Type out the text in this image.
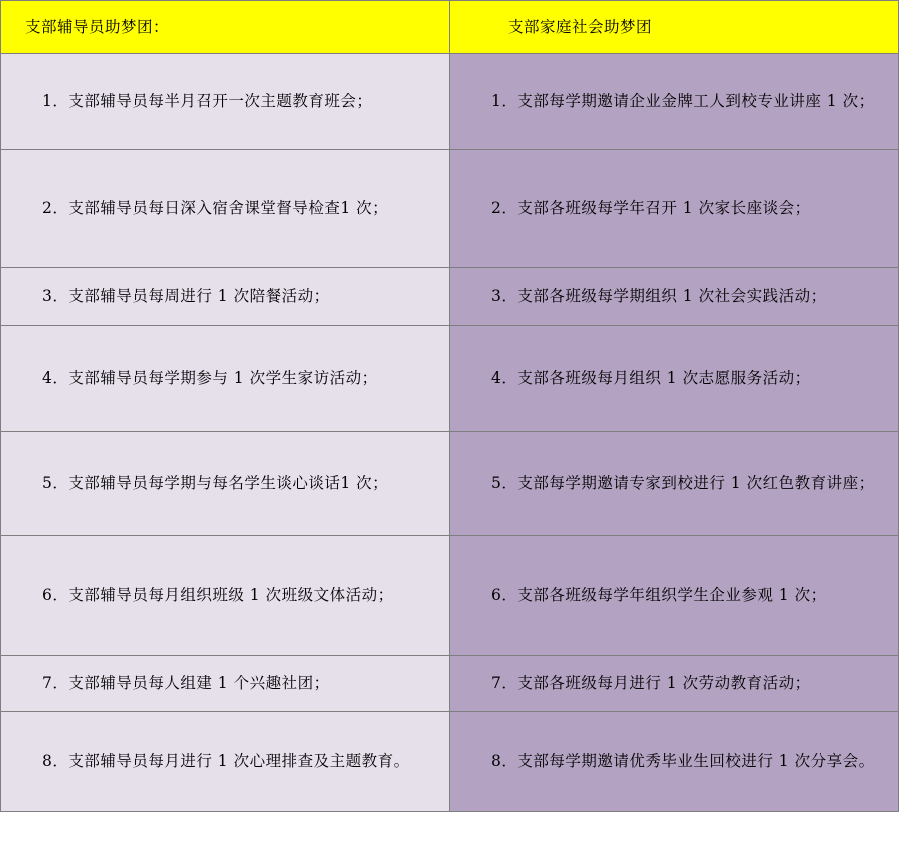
支部辅导员助梦团：	支部家庭社会助梦团

1．支部辅导员每半月召开一次主题教育班会；	1．支部每学期邀请企业金牌工人到校专业讲座 1 次；
2．支部辅导员每日深入宿舍课堂督导检查1 次；	2．支部各班级每学年召开 1 次家长座谈会；
3．支部辅导员每周进行 1 次陪餐活动；	3．支部各班级每学期组织 1 次社会实践活动；
4．支部辅导员每学期参与 1 次学生家访活动；	4．支部各班级每月组织 1 次志愿服务活动；
5．支部辅导员每学期与每名学生谈心谈话1 次；	5．支部每学期邀请专家到校进行 1 次红色教育讲座；
6．支部辅导员每月组织班级 1 次班级文体活动；	6．支部各班级每学年组织学生企业参观 1 次；
7．支部辅导员每人组建 1 个兴趣社团；	7．支部各班级每月进行 1 次劳动教育活动；
8．支部辅导员每月进行 1 次心理排查及主题教育。	8．支部每学期邀请优秀毕业生回校进行 1 次分享会。
